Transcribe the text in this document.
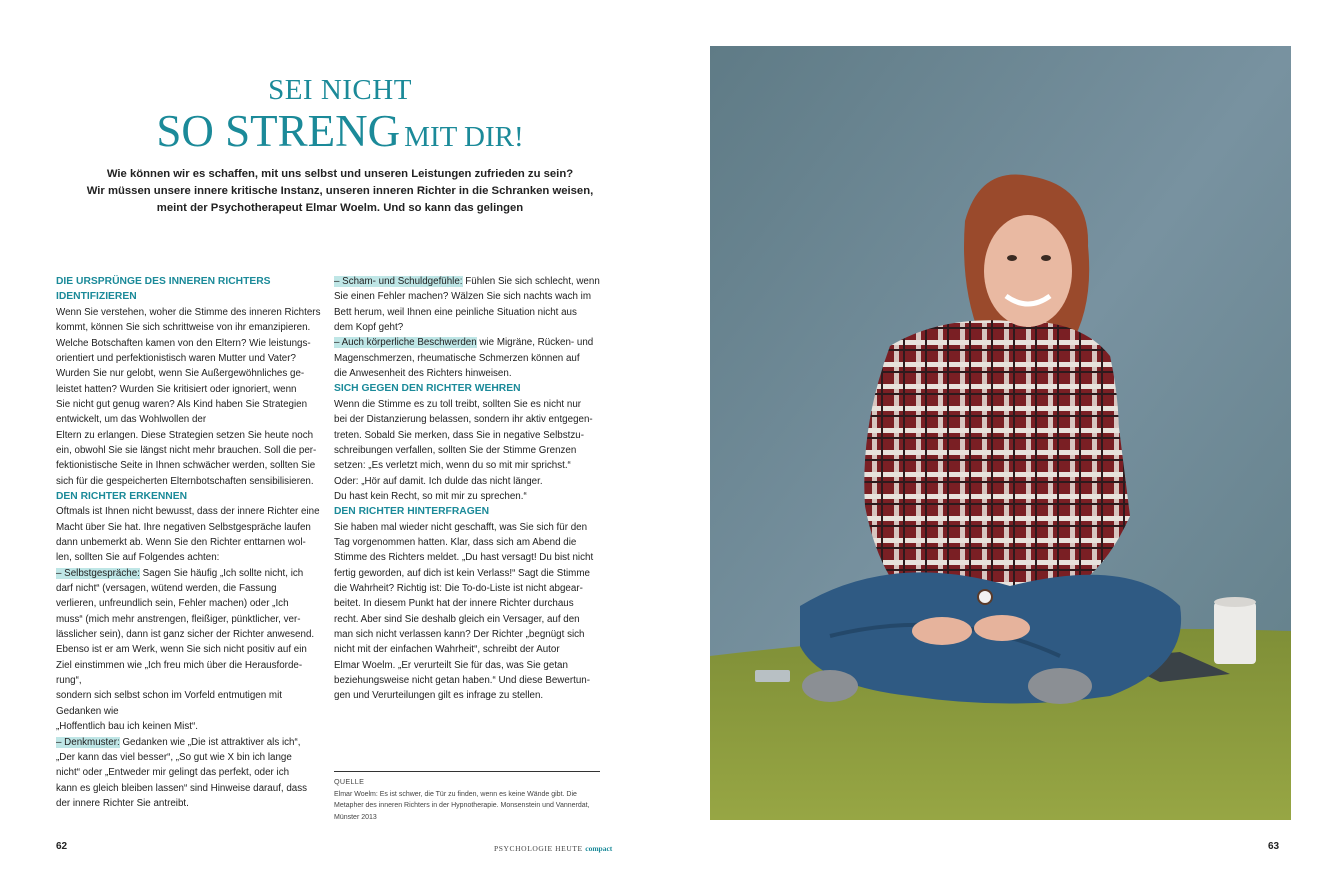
SEI NICHT
SO STRENG MIT DIR!
Wie können wir es schaffen, mit uns selbst und unseren Leistungen zufrieden zu sein?
Wir müssen unsere innere kritische Instanz, unseren inneren Richter in die Schranken weisen,
meint der Psychotherapeut Elmar Woelm. Und so kann das gelingen

DIE URSPRÜNGE DES INNEREN RICHTERS

IDENTIFIZIEREN

Wenn Sie verstehen, woher die Stimme des inneren Richters

kommt, können Sie sich schrittweise von ihr emanzipieren.

Welche Botschaften kamen von den Eltern? Wie leistungs-

orientiert und perfektionistisch waren Mutter und Vater?

Wurden Sie nur gelobt, wenn Sie Außergewöhnliches ge-

leistet hatten? Wurden Sie kritisiert oder ignoriert, wenn

Sie nicht gut genug waren? Als Kind haben Sie Strategien

entwickelt, um das Wohlwollen der

Eltern zu erlangen. Diese Strategien setzen Sie heute noch

ein, obwohl Sie sie längst nicht mehr brauchen. Soll die per-

fektionistische Seite in Ihnen schwächer werden, sollten Sie

sich für die gespeicherten Elternbotschaften sensibilisieren.

DEN RICHTER ERKENNEN

Oftmals ist Ihnen nicht bewusst, dass der innere Richter eine

Macht über Sie hat. Ihre negativen Selbstgespräche laufen

dann unbemerkt ab. Wenn Sie den Richter enttarnen wol-

len, sollten Sie auf Folgendes achten:

– Selbstgespräche: Sagen Sie häufig „Ich sollte nicht, ich

darf nicht“ (versagen, wütend werden, die Fassung

verlieren, unfreundlich sein, Fehler machen) oder „Ich

muss“ (mich mehr anstrengen, fleißiger, pünktlicher, ver-

lässlicher sein), dann ist ganz sicher der Richter anwesend.

Ebenso ist er am Werk, wenn Sie sich nicht positiv auf ein

Ziel einstimmen wie „Ich freu mich über die Herausforde-

rung“,

sondern sich selbst schon im Vorfeld entmutigen mit

Gedanken wie

„Hoffentlich bau ich keinen Mist“.

– Denkmuster: Gedanken wie „Die ist attraktiver als ich“,

„Der kann das viel besser“, „So gut wie X bin ich lange

nicht“ oder „Entweder mir gelingt das perfekt, oder ich

kann es gleich bleiben lassen“ sind Hinweise darauf, dass

der innere Richter Sie antreibt.

– Scham- und Schuldgefühle: Fühlen Sie sich schlecht, wenn

Sie einen Fehler machen? Wälzen Sie sich nachts wach im

Bett herum, weil Ihnen eine peinliche Situation nicht aus

dem Kopf geht?

– Auch körperliche Beschwerden wie Migräne, Rücken- und

Magenschmerzen, rheumatische Schmerzen können auf

die Anwesenheit des Richters hinweisen.

SICH GEGEN DEN RICHTER WEHREN

Wenn die Stimme es zu toll treibt, sollten Sie es nicht nur

bei der Distanzierung belassen, sondern ihr aktiv entgegen-

treten. Sobald Sie merken, dass Sie in negative Selbstzu-

schreibungen verfallen, sollten Sie der Stimme Grenzen

setzen: „Es verletzt mich, wenn du so mit mir sprichst.“

Oder: „Hör auf damit. Ich dulde das nicht länger.

Du hast kein Recht, so mit mir zu sprechen.“

DEN RICHTER HINTERFRAGEN

Sie haben mal wieder nicht geschafft, was Sie sich für den

Tag vorgenommen hatten. Klar, dass sich am Abend die

Stimme des Richters meldet. „Du hast versagt! Du bist nicht

fertig geworden, auf dich ist kein Verlass!“ Sagt die Stimme

die Wahrheit? Richtig ist: Die To-do-Liste ist nicht abgear-

beitet. In diesem Punkt hat der innere Richter durchaus

recht. Aber sind Sie deshalb gleich ein Versager, auf den

man sich nicht verlassen kann? Der Richter „begnügt sich

nicht mit der einfachen Wahrheit“, schreibt der Autor

Elmar Woelm. „Er verurteilt Sie für das, was Sie getan

beziehungsweise nicht getan haben.“ Und diese Bewertun-

gen und Verurteilungen gilt es infrage zu stellen.

QUELLE
Elmar Woelm: Es ist schwer, die Tür zu finden, wenn es keine Wände gibt. Die
Metapher des inneren Richters in der Hypnotherapie. Monsenstein und Vannerdat,
Münster 2013
62	PSYCHOLOGIE HEUTE compact	63
